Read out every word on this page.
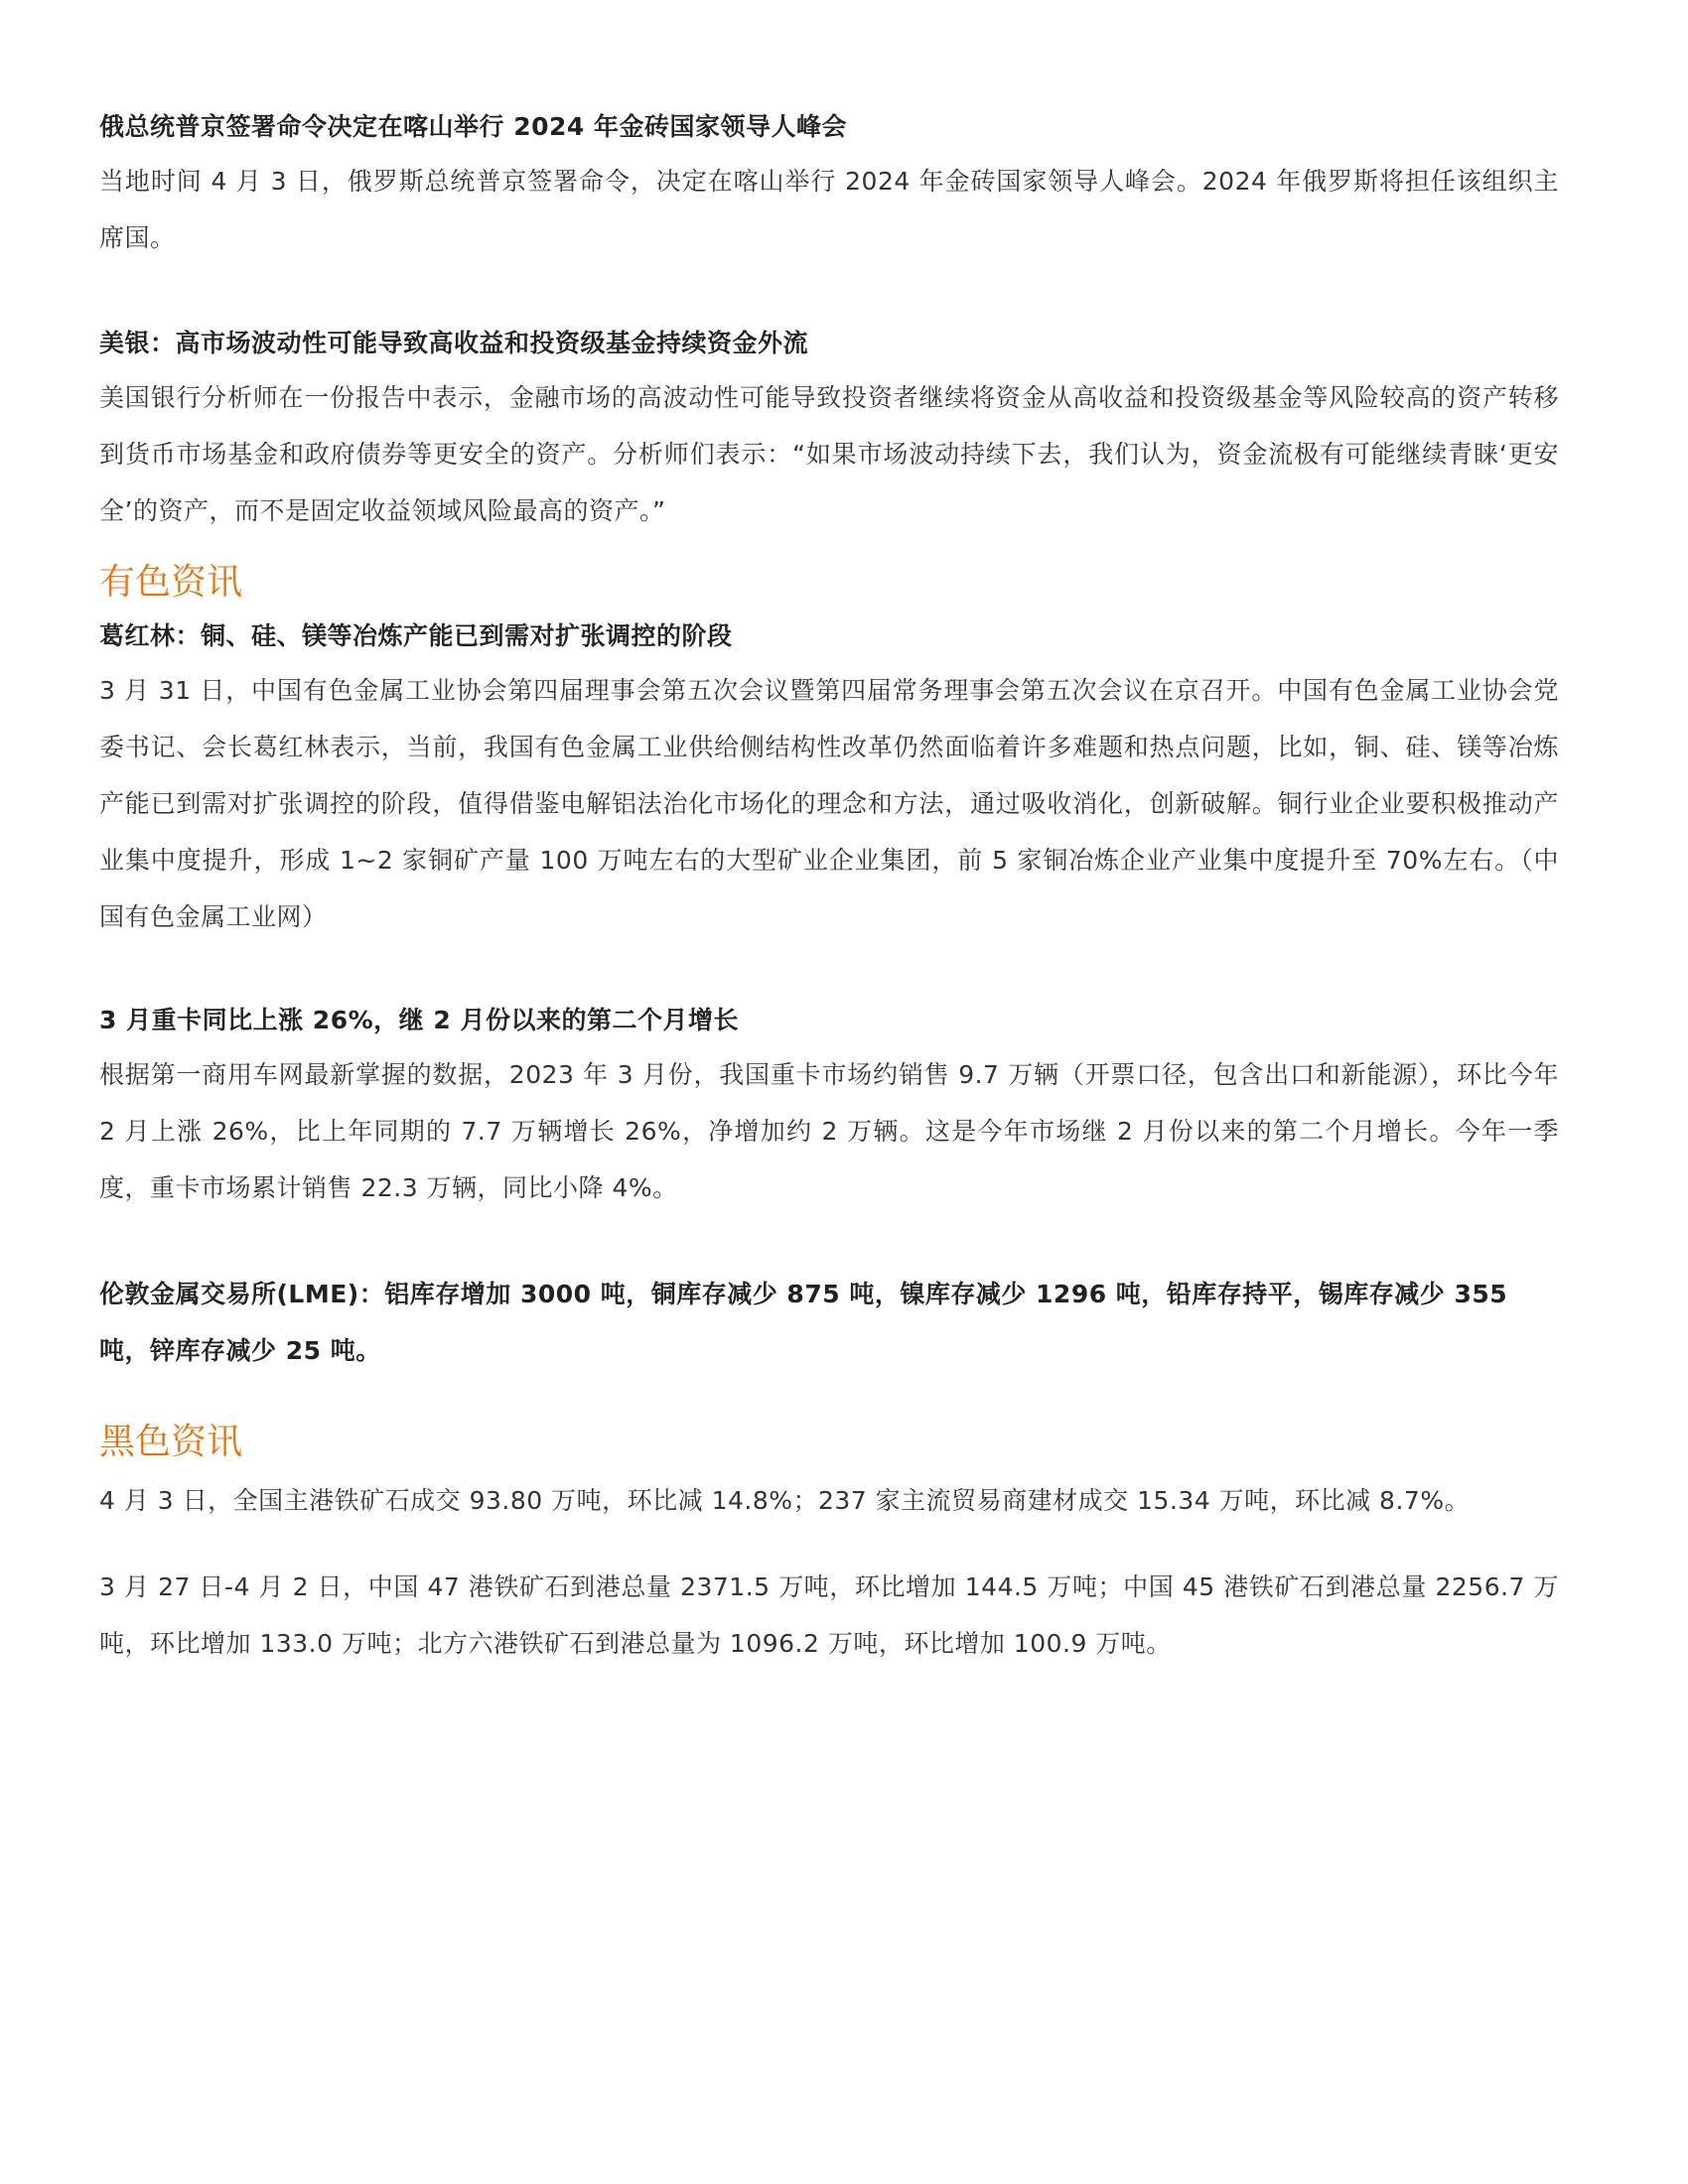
俄总统普京签署命令决定在喀山举行 2024 年金砖国家领导人峰会

当地时间 4 月 3 日，俄罗斯总统普京签署命令，决定在喀山举行 2024 年金砖国家领导人峰会。2024 年俄罗斯将担任该组织主席国。

美银：高市场波动性可能导致高收益和投资级基金持续资金外流

美国银行分析师在一份报告中表示，金融市场的高波动性可能导致投资者继续将资金从高收益和投资级基金等风险较高的资产转移到货币市场基金和政府债券等更安全的资产。分析师们表示：“如果市场波动持续下去，我们认为，资金流极有可能继续青睐‘更安全’的资产，而不是固定收益领域风险最高的资产。”

有色资讯

葛红林：铜、硅、镁等冶炼产能已到需对扩张调控的阶段

3 月 31 日，中国有色金属工业协会第四届理事会第五次会议暨第四届常务理事会第五次会议在京召开。中国有色金属工业协会党委书记、会长葛红林表示，当前，我国有色金属工业供给侧结构性改革仍然面临着许多难题和热点问题，比如，铜、硅、镁等冶炼产能已到需对扩张调控的阶段，值得借鉴电解铝法治化市场化的理念和方法，通过吸收消化，创新破解。铜行业企业要积极推动产业集中度提升，形成 1~2 家铜矿产量 100 万吨左右的大型矿业企业集团，前 5 家铜冶炼企业产业集中度提升至 70%左右。（中国有色金属工业网）

3 月重卡同比上涨 26%，继 2 月份以来的第二个月增长

根据第一商用车网最新掌握的数据，2023 年 3 月份，我国重卡市场约销售 9.7 万辆（开票口径，包含出口和新能源），环比今年 2 月上涨 26%，比上年同期的 7.7 万辆增长 26%，净增加约 2 万辆。这是今年市场继 2 月份以来的第二个月增长。今年一季度，重卡市场累计销售 22.3 万辆，同比小降 4%。

伦敦金属交易所(LME)：铝库存增加 3000 吨，铜库存减少 875 吨，镍库存减少 1296 吨，铅库存持平，锡库存减少 355 吨，锌库存减少 25 吨。

黑色资讯

4 月 3 日，全国主港铁矿石成交 93.80 万吨，环比减 14.8%；237 家主流贸易商建材成交 15.34 万吨，环比减 8.7%。

3 月 27 日-4 月 2 日，中国 47 港铁矿石到港总量 2371.5 万吨，环比增加 144.5 万吨；中国 45 港铁矿石到港总量 2256.7 万吨，环比增加 133.0 万吨；北方六港铁矿石到港总量为 1096.2 万吨，环比增加 100.9 万吨。
